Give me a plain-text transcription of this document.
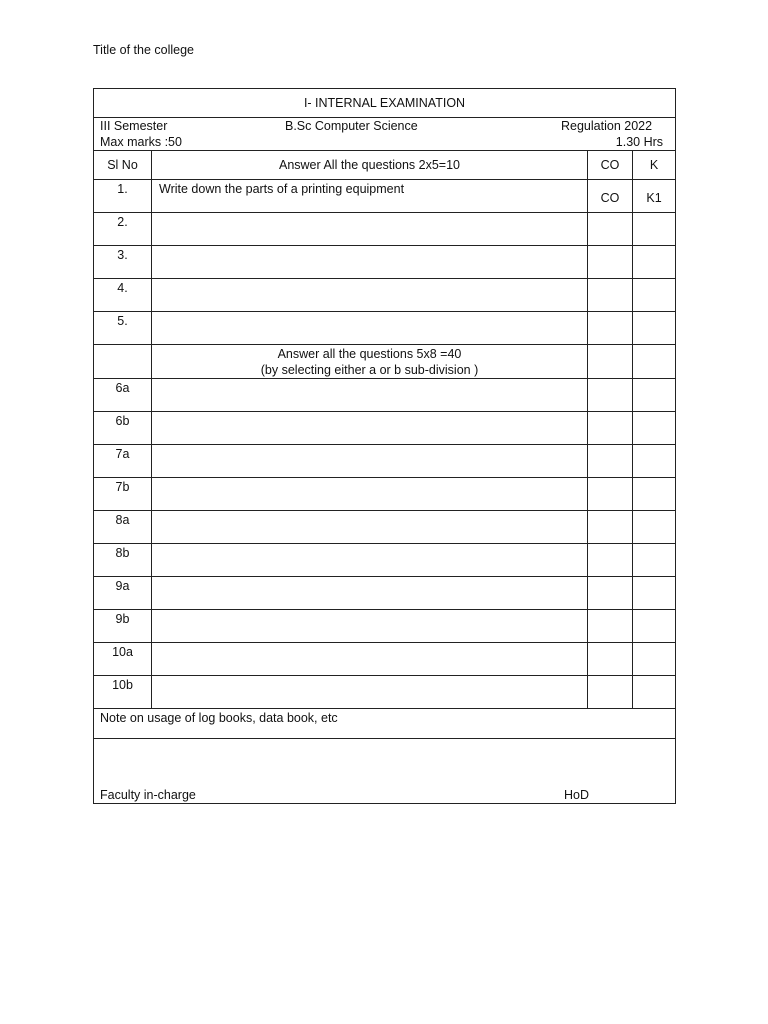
Title of the college
I- INTERNAL EXAMINATION			

III Semester B.Sc Computer Science Regulation 2022
Max marks :50 1.30 Hrs			

Sl No	Answer All the questions 2x5=10	CO	K
1.	Write down the parts of a printing equipment	CO	K1
2.			
3.			
4.			
5.			

	Answer all the questions 5x8 =40
(by selecting either a or b sub-division )		

6a			
6b			
7a			
7b			
8a			
8b			
9a			
9b			
10a			
10b			
Note on usage of log books, data book, etc			

Faculty in-charge HoD			
